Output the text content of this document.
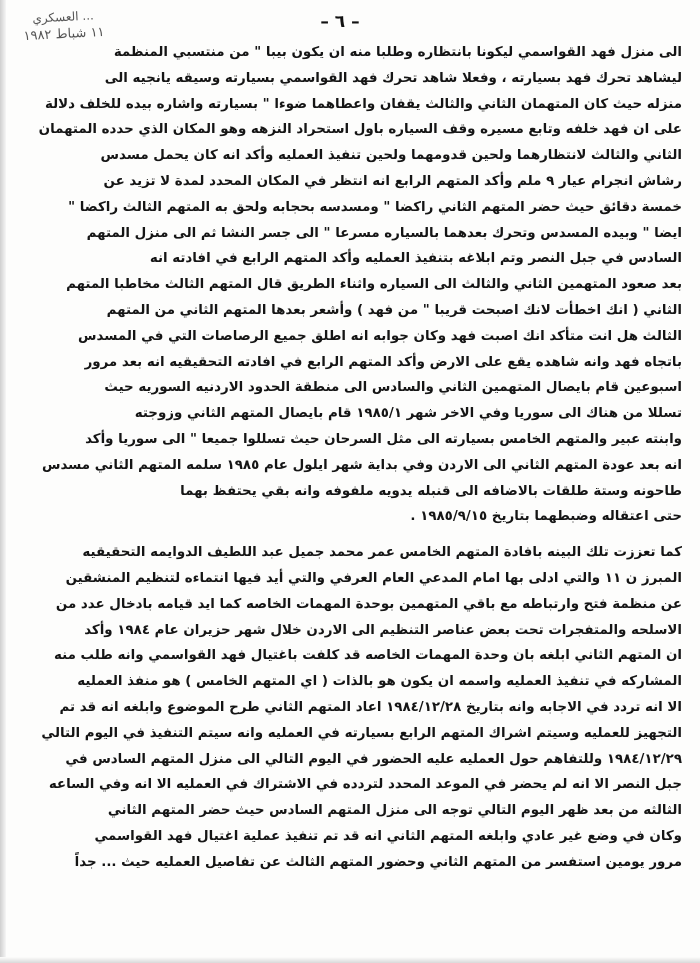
... العسكري
١١ شباط ١٩٨٢
– ٦ –
الى منزل فهد القواسمي ليكونا بانتظاره وطلبا منه ان يكون بيبا " من منتسبي المنظمة
ليشاهد تحرك فهد بسيارته ، وفعلا شاهد تحرك فهد القواسمي بسيارته وسيقه يانجيه الى
منزله حيث كان المتهمان الثاني والثالث يقفان واعطاهما ضوءا " بسيارته واشاره بيده للخلف دلالة
على ان فهد خلفه وتابع مسيره وقف السياره باول استحراد النزهه وهو المكان الذي حدده المتهمان
الثاني والثالث لانتظارهما ولحين قدومهما ولحين تنفيذ العمليه وأكد انه كان يحمل مسدس
رشاش انجرام عيار ٩ ملم وأكد المتهم الرابع انه انتظر في المكان المحدد لمدة لا تزيد عن
خمسة دقائق حيث حضر المتهم الثاني راكضا " ومسدسه بحجابه ولحق به المتهم الثالث راكضا "
ايضا " وبيده المسدس وتحرك بعدهما بالسياره مسرعا " الى جسر النشا ثم الى منزل المتهم
السادس في جبل النصر وتم ابلاغه بتنفيذ العمليه وأكد المتهم الرابع في افادته انه
بعد صعود المتهمين الثاني والثالث الى السياره واثناء الطريق قال المتهم الثالث مخاطبا المتهم
الثاني ( انك اخطأت لانك اصبحت قريبا " من فهد ) وأشعر بعدها المتهم الثاني من المتهم
الثالث هل انت متأكد انك اصبت فهد وكان جوابه انه اطلق جميع الرصاصات التي في المسدس
باتجاه فهد وانه شاهده يقع على الارض وأكد المتهم الرابع في افادته التحقيقيه انه بعد مرور
اسبوعين قام بايصال المتهمين الثاني والسادس الى منطقة الحدود الاردنيه السوريه حيث
تسللا من هناك الى سوريا وفي الاخر شهر ١٩٨٥/١ قام بايصال المتهم الثاني وزوجته
وابنته عبير والمتهم الخامس بسيارته الى مثل السرحان حيث تسللوا جميعا " الى سوريا وأكد
انه بعد عودة المتهم الثاني الى الاردن وفي بداية شهر ايلول عام ١٩٨٥ سلمه المتهم الثاني مسدس
طاحونه وستة طلقات بالاضافه الى قنبله يدويه ملفوفه وانه بقي يحتفظ بهما
حتى اعتقاله وضبطهما بتاريخ ١٩٨٥/٩/١٥ .
كما تعززت تلك البينه بافادة المتهم الخامس عمر محمد جميل عبد اللطيف الدوايمه التحقيقيه
المبرز ن ١١ والتي ادلى بها امام المدعي العام العرفي والتي أيد فيها انتماءه لتنظيم المنشقين
عن منظمة فتح وارتباطه مع باقي المتهمين بوحدة المهمات الخاصه كما ايد قيامه بادخال عدد من
الاسلحه والمتفجرات تحت بعض عناصر التنظيم الى الاردن خلال شهر حزيران عام ١٩٨٤ وأكد
ان المتهم الثاني ابلغه بان وحدة المهمات الخاصه قد كلفت باغتيال فهد القواسمي وانه طلب منه
المشاركه في تنفيذ العمليه واسمه ان يكون هو بالذات ( اي المتهم الخامس ) هو منفذ العمليه
الا انه تردد في الاجابه وانه بتاريخ ١٩٨٤/١٢/٢٨ اعاد المتهم الثاني طرح الموضوع وابلغه انه قد تم
التجهيز للعمليه وسيتم اشراك المتهم الرابع بسيارته في العمليه وانه سيتم التنفيذ في اليوم التالي
١٩٨٤/١٢/٢٩ وللتفاهم حول العمليه عليه الحضور في اليوم التالي الى منزل المتهم السادس في
جبل النصر الا انه لم يحضر في الموعد المحدد لتردده في الاشتراك في العمليه الا انه وفي الساعه
الثالثه من بعد ظهر اليوم التالي توجه الى منزل المتهم السادس حيث حضر المتهم الثاني
وكان في وضع غير عادي وابلغه المتهم الثاني انه قد تم تنفيذ عملية اغتيال فهد القواسمي
مرور يومين استفسر من المتهم الثاني وحضور المتهم الثالث عن تفاصيل العمليه حيث ... جداً
